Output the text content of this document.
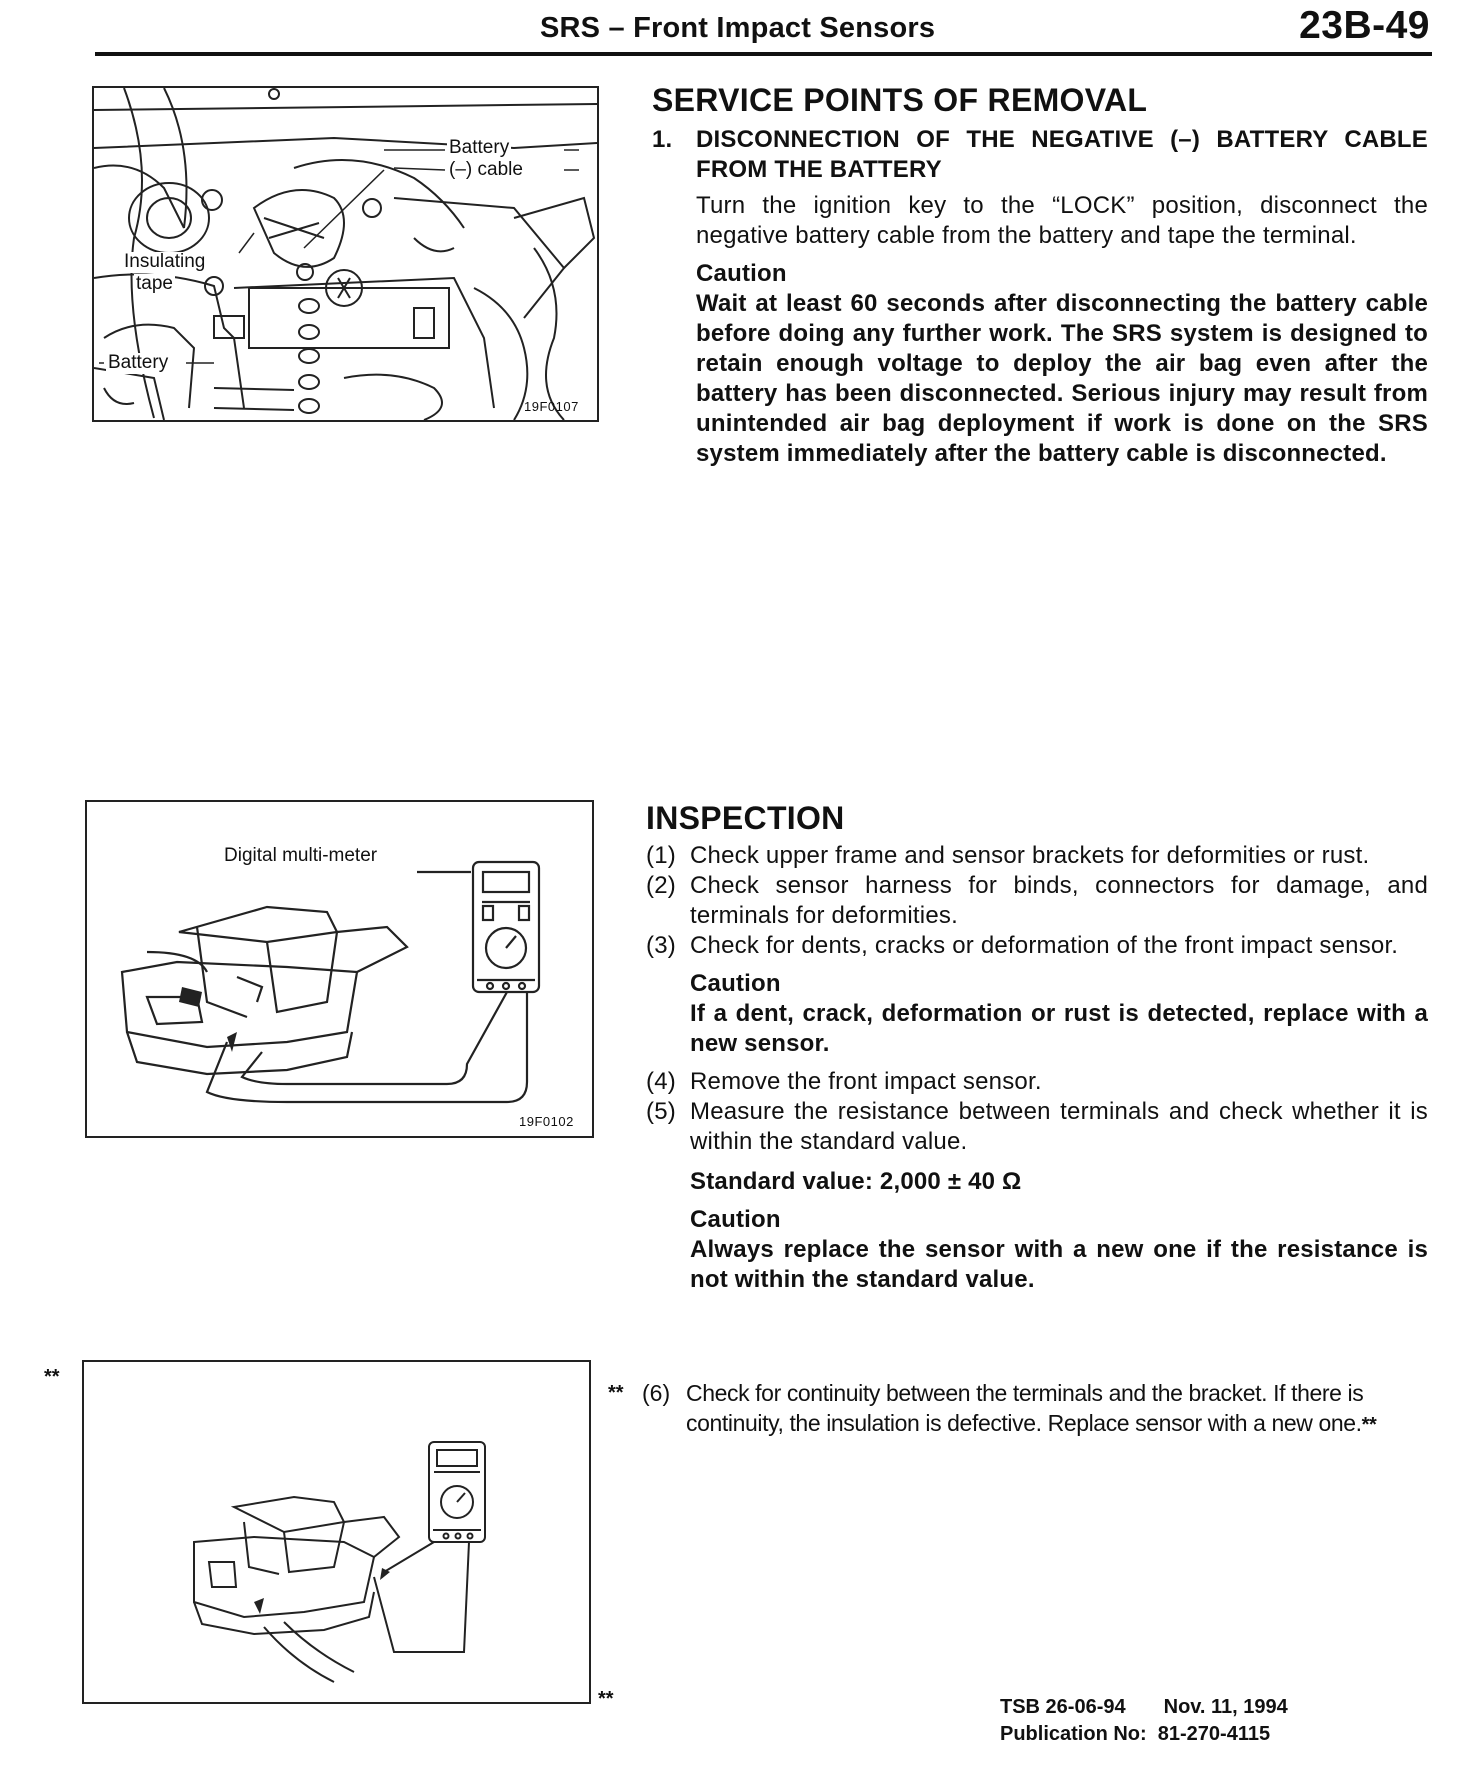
SRS – Front Impact Sensors	23B-49
Battery
(–) cable
Insulating
tape
Battery
19F0107
Digital multi-meter
19F0102
**
**
SERVICE POINTS OF REMOVAL
1. DISCONNECTION OF THE NEGATIVE (–) BATTERY CABLE FROM THE BATTERY
Turn the ignition key to the “LOCK” position, disconnect the negative battery cable from the battery and tape the terminal.
Caution
Wait at least 60 seconds after disconnecting the battery cable before doing any further work. The SRS system is designed to retain enough voltage to deploy the air bag even after the battery has been disconnected. Serious injury may result from unintended air bag deployment if work is done on the SRS system immediately after the battery cable is disconnected.
INSPECTION
(1) Check upper frame and sensor brackets for deformities or rust.
(2) Check sensor harness for binds, connectors for damage, and terminals for deformities.
(3) Check for dents, cracks or deformation of the front impact sensor.
Caution
If a dent, crack, deformation or rust is detected, replace with a new sensor.
(4) Remove the front impact sensor.
(5) Measure the resistance between terminals and check whether it is within the standard value.
Standard value: 2,000 ± 40 Ω
Caution
Always replace the sensor with a new one if the resistance is not within the standard value.
** (6) Check for continuity between the terminals and the bracket. If there is continuity, the insulation is defective. Replace sensor with a new one.**
TSB 26-06-94 Nov. 11, 1994
Publication No:  81-270-4115
